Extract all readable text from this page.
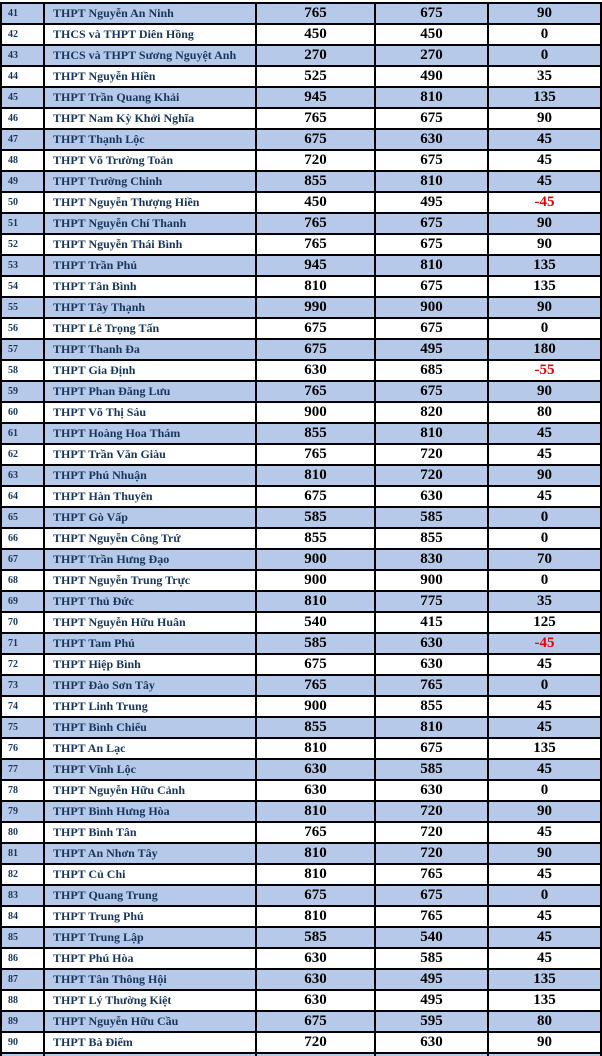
41	THPT Nguyễn An Ninh	765	675	90
42	THCS và THPT Diên Hồng	450	450	0
43	THCS và THPT Sương Nguyệt Anh	270	270	0
44	THPT Nguyễn Hiền	525	490	35
45	THPT Trần Quang Khải	945	810	135
46	THPT Nam Kỳ Khởi Nghĩa	765	675	90
47	THPT Thạnh Lộc	675	630	45
48	THPT Võ Trường Toản	720	675	45
49	THPT Trường Chinh	855	810	45
50	THPT Nguyễn Thượng Hiền	450	495	-45
51	THPT Nguyễn Chí Thanh	765	675	90
52	THPT Nguyễn Thái Bình	765	675	90
53	THPT Trần Phú	945	810	135
54	THPT Tân Bình	810	675	135
55	THPT Tây Thạnh	990	900	90
56	THPT Lê Trọng Tấn	675	675	0
57	THPT Thanh Đa	675	495	180
58	THPT Gia Định	630	685	-55
59	THPT Phan Đăng Lưu	765	675	90
60	THPT Võ Thị Sáu	900	820	80
61	THPT Hoàng Hoa Thám	855	810	45
62	THPT Trần Văn Giàu	765	720	45
63	THPT Phú Nhuận	810	720	90
64	THPT Hàn Thuyên	675	630	45
65	THPT Gò Vấp	585	585	0
66	THPT Nguyễn Công Trứ	855	855	0
67	THPT Trần Hưng Đạo	900	830	70
68	THPT Nguyễn Trung Trực	900	900	0
69	THPT Thủ Đức	810	775	35
70	THPT Nguyễn Hữu Huân	540	415	125
71	THPT Tam Phú	585	630	-45
72	THPT Hiệp Bình	675	630	45
73	THPT Đào Sơn Tây	765	765	0
74	THPT Linh Trung	900	855	45
75	THPT Bình Chiểu	855	810	45
76	THPT An Lạc	810	675	135
77	THPT Vĩnh Lộc	630	585	45
78	THPT Nguyễn Hữu Cảnh	630	630	0
79	THPT Bình Hưng Hòa	810	720	90
80	THPT Bình Tân	765	720	45
81	THPT An Nhơn Tây	810	720	90
82	THPT Củ Chi	810	765	45
83	THPT Quang Trung	675	675	0
84	THPT Trung Phú	810	765	45
85	THPT Trung Lập	585	540	45
86	THPT Phú Hòa	630	585	45
87	THPT Tân Thông Hội	630	495	135
88	THPT Lý Thường Kiệt	630	495	135
89	THPT Nguyễn Hữu Cầu	675	595	80
90	THPT Bà Điểm	720	630	90
